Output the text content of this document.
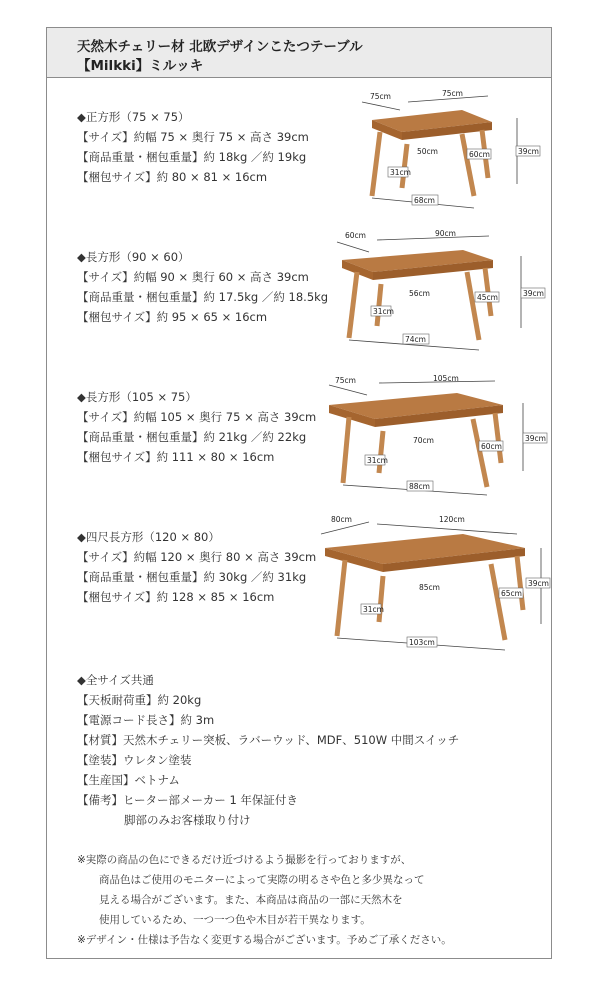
天然木チェリー材 北欧デザインこたつテーブル
【Milkki】ミルッキ
◆正方形（75 × 75）
【サイズ】約幅 75 × 奥行 75 × 高さ 39cm
【商品重量・梱包重量】約 18kg ／約 19kg
【梱包サイズ】約 80 × 81 × 16cm
75cm	75cm
39cm
50cm	60cm
31cm
68cm
◆長方形（90 × 60）
【サイズ】約幅 90 × 奥行 60 × 高さ 39cm
【商品重量・梱包重量】約 17.5kg ／約 18.5kg
【梱包サイズ】約 95 × 65 × 16cm
60cm	90cm
39cm
56cm	45cm
31cm
74cm
◆長方形（105 × 75）
【サイズ】約幅 105 × 奥行 75 × 高さ 39cm
【商品重量・梱包重量】約 21kg ／約 22kg
【梱包サイズ】約 111 × 80 × 16cm
75cm	105cm
39cm
70cm
60cm
31cm
88cm
◆四尺長方形（120 × 80）
【サイズ】約幅 120 × 奥行 80 × 高さ 39cm
【商品重量・梱包重量】約 30kg ／約 31kg
【梱包サイズ】約 128 × 85 × 16cm
80cm	120cm
39cm
85cm
65cm
31cm
103cm
◆全サイズ共通
【天板耐荷重】約 20kg
【電源コード長さ】約 3m
【材質】天然木チェリー突板、ラバーウッド、MDF、510W 中間スイッチ
【塗装】ウレタン塗装
【生産国】ベトナム
【備考】ヒーター部メーカー 1 年保証付き
脚部のみお客様取り付け
※実際の商品の色にできるだけ近づけるよう撮影を行っておりますが、
商品色はご使用のモニターによって実際の明るさや色と多少異なって
見える場合がございます。また、本商品は商品の一部に天然木を
使用しているため、一つ一つ色や木目が若干異なります。
※デザイン・仕様は予告なく変更する場合がございます。予めご了承ください。
